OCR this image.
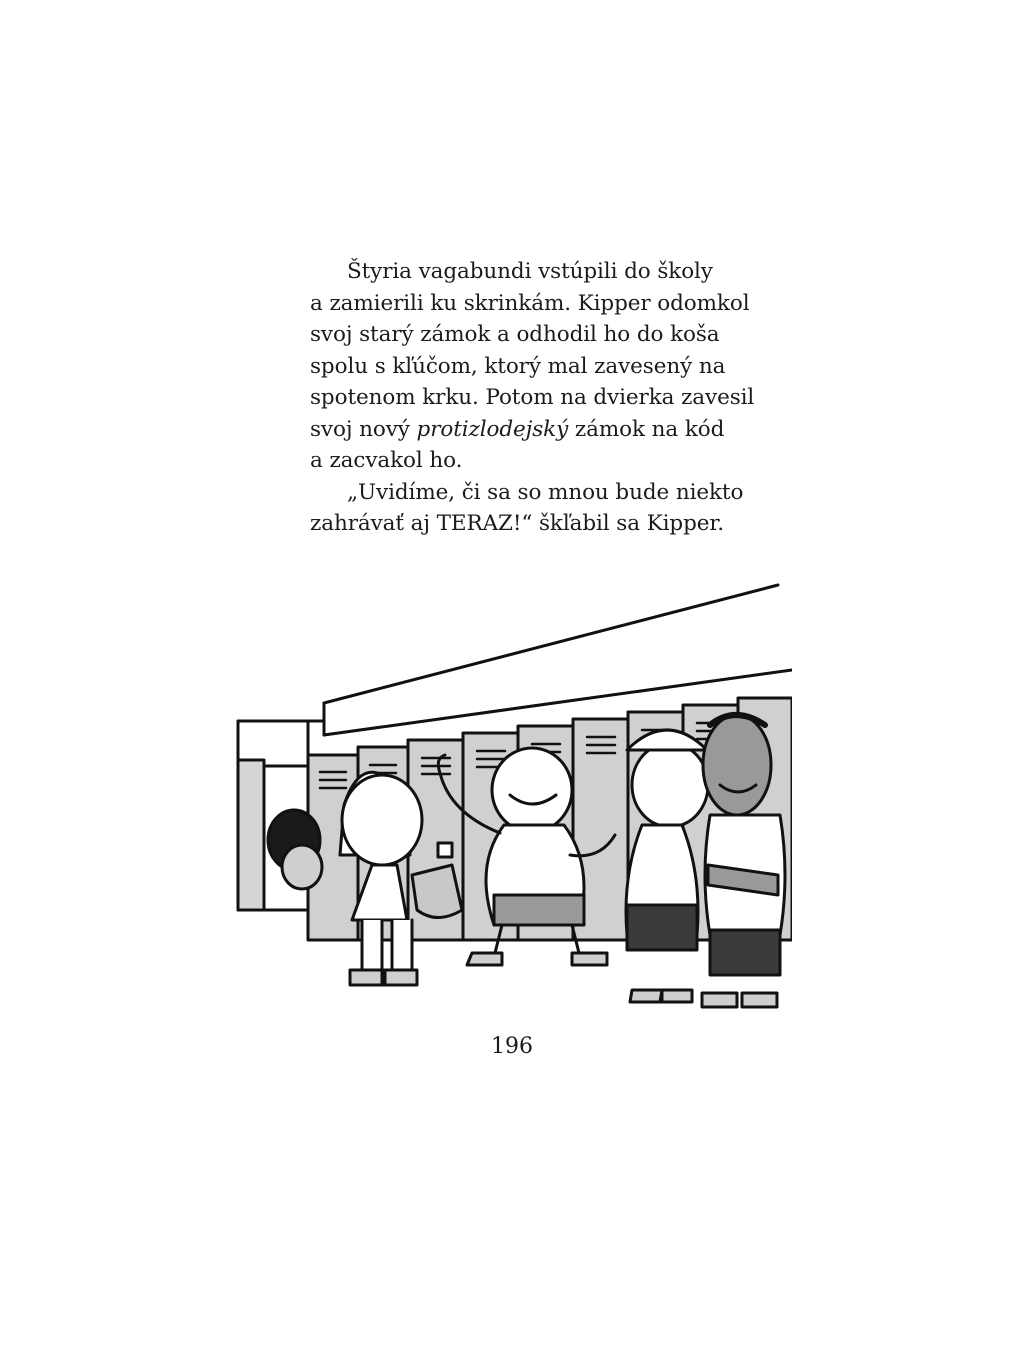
Štyria vagabundi vstúpili do školy
a zamierili ku skrinkám. Kipper odomkol
svoj starý zámok a odhodil ho do koša
spolu s kľúčom, ktorý mal zavesený na
spotenom krku. Potom na dvierka zavesil
svoj nový protizlodejský zámok na kód
a zacvakol ho.

„Uvidíme, či sa so mnou bude niekto
zahrávať aj TERAZ!“ škľabil sa Kipper.

196
